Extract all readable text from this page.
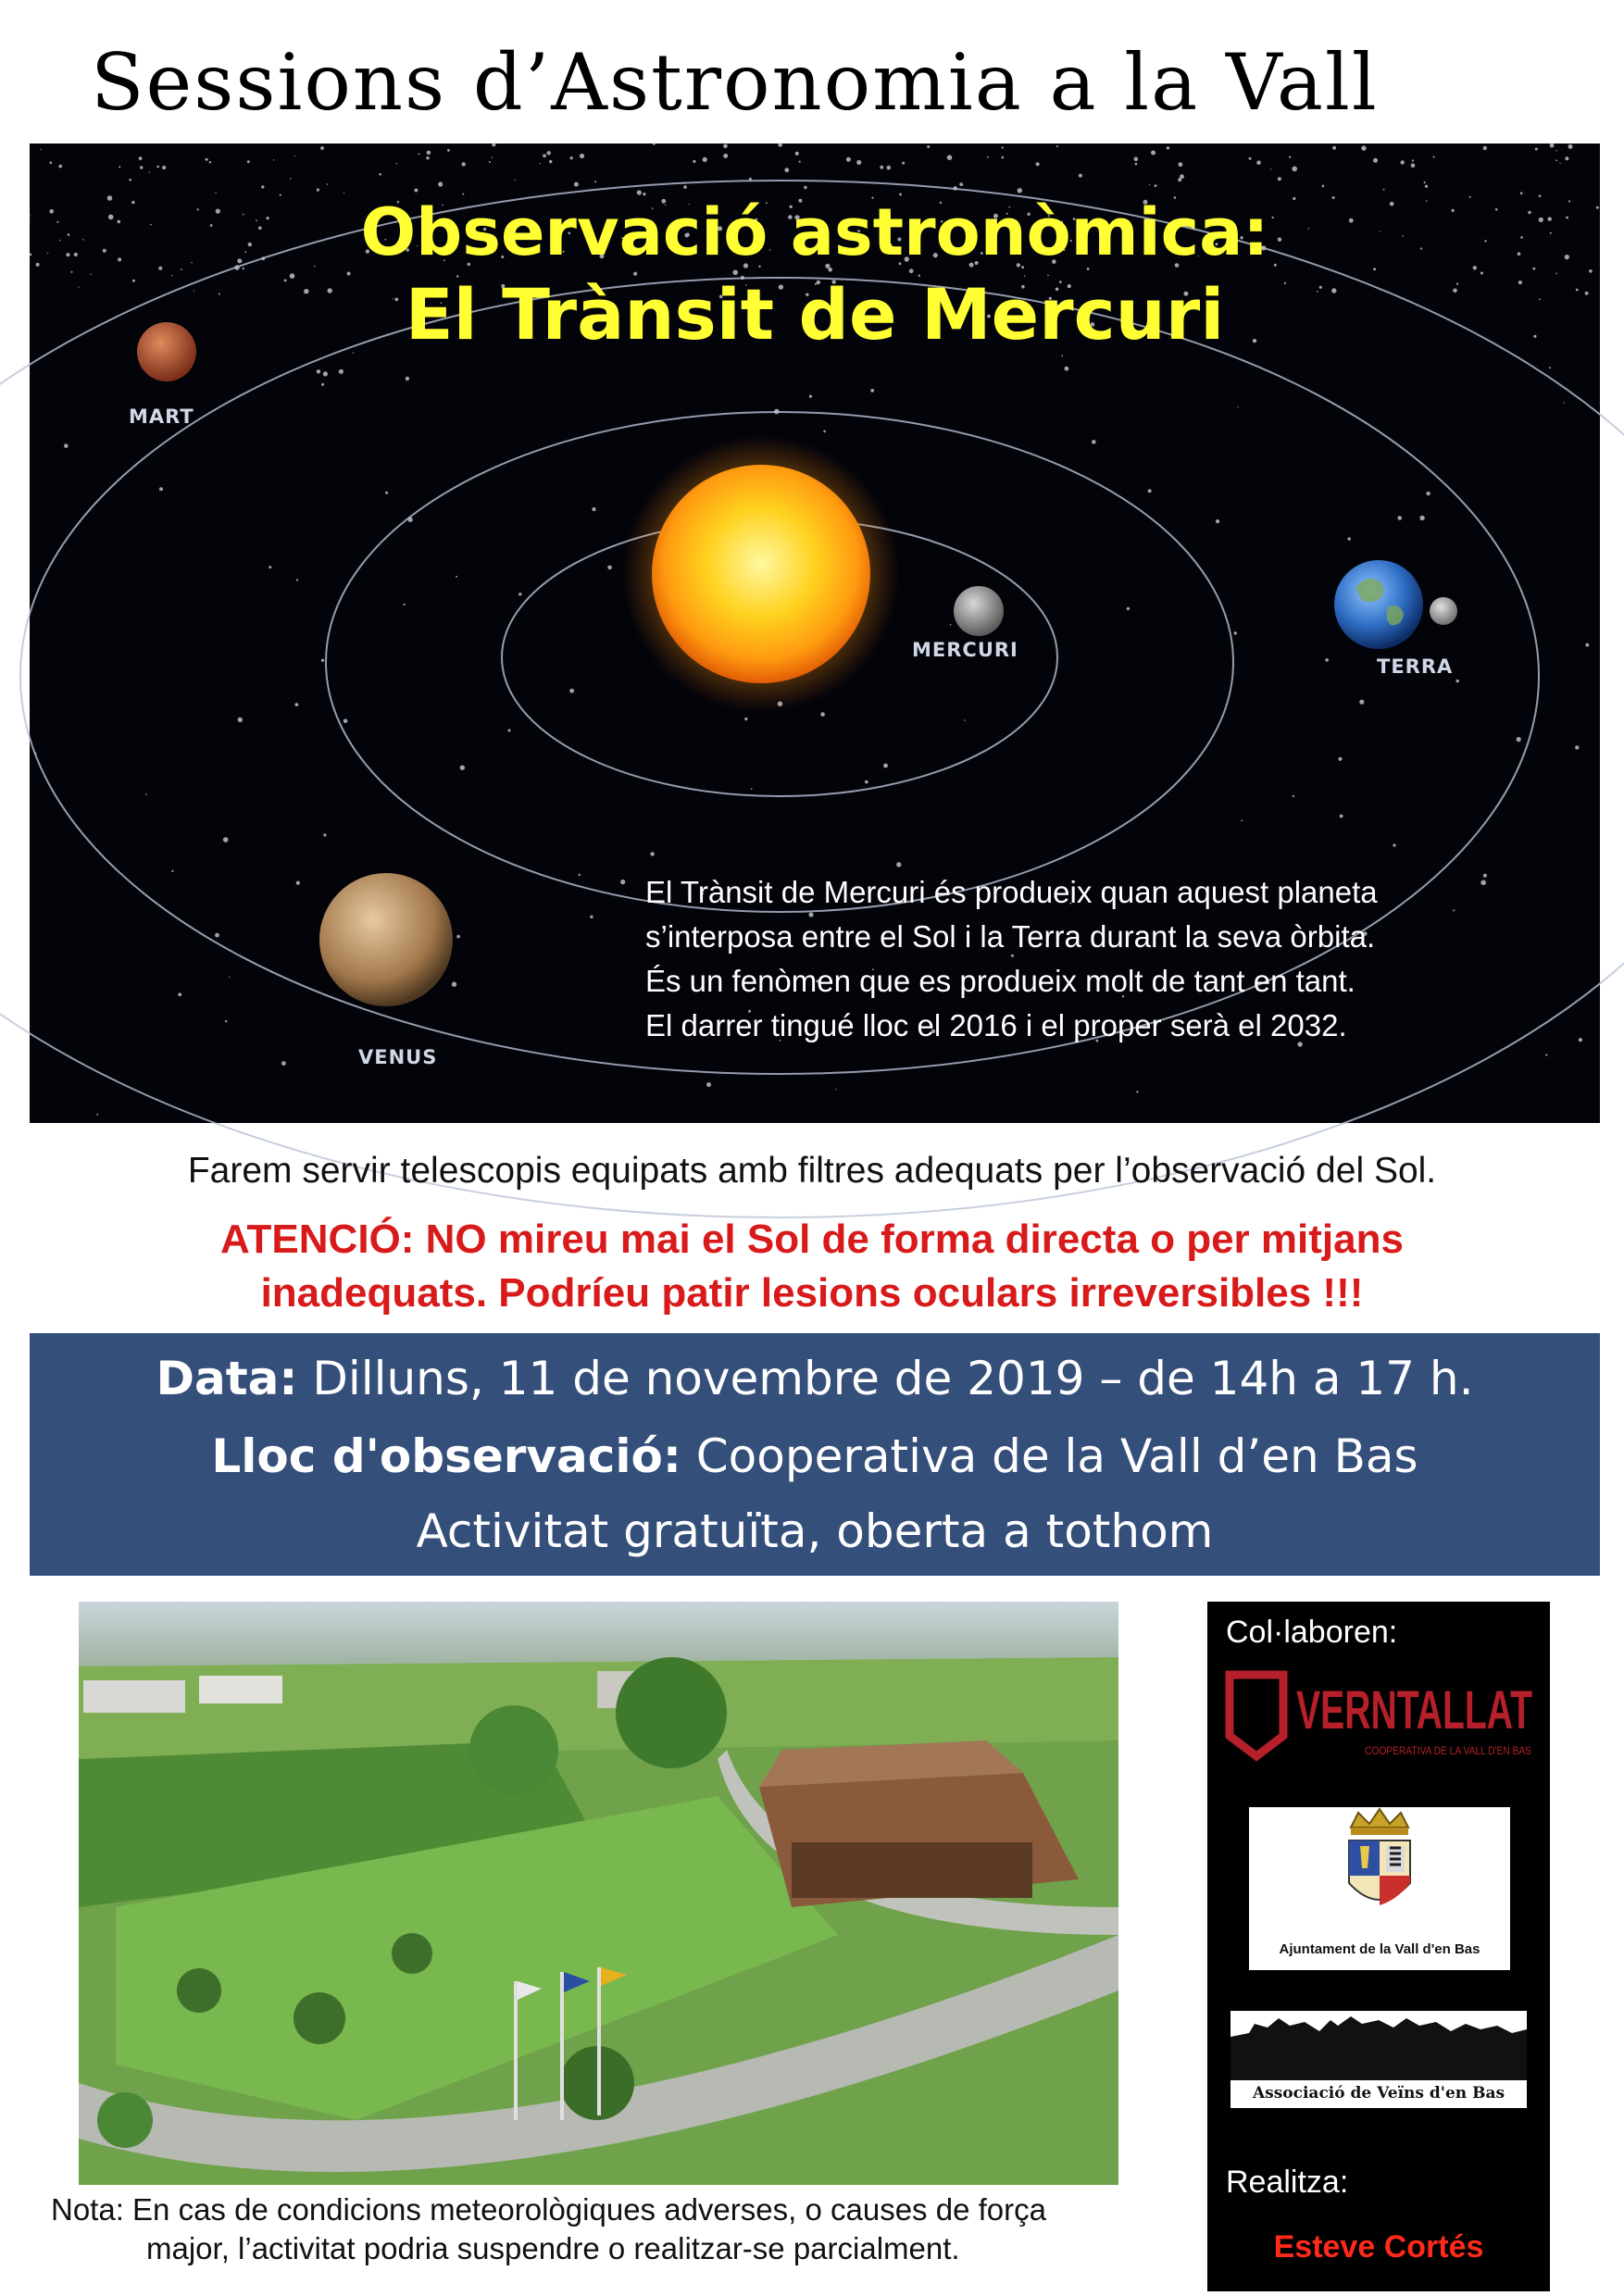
Sessions d’Astronomia a la Vall
Observació astronòmica:
El Trànsit de Mercuri
MART
MERCURI
TERRA
VENUS
El Trànsit de Mercuri és produeix quan aquest planeta
s’interposa entre el Sol i la Terra durant la seva òrbita.
És un fenòmen que es produeix molt de tant en tant.
El darrer tingué lloc el 2016 i el proper serà el 2032.
Farem servir telescopis equipats amb filtres adequats per l’observació del Sol.
ATENCIÓ: NO mireu mai el Sol de forma directa o per mitjans
inadequats. Podríeu patir lesions oculars irreversibles !!!
Data: Dilluns, 11 de novembre de 2019 – de 14h a 17 h.
Lloc d'observació: Cooperativa de la Vall d’en Bas
Activitat gratuïta, oberta a tothom
Nota: En cas de condicions meteorològiques adverses, o causes de força
major, l’activitat podria suspendre o realitzar-se parcialment.
Col·laboren:
VERNTALLAT
COOPERATIVA DE LA VALL D'EN BAS
Ajuntament de la Vall d'en Bas
Associació de Veïns d'en Bas
Realitza:
Esteve Cortés
